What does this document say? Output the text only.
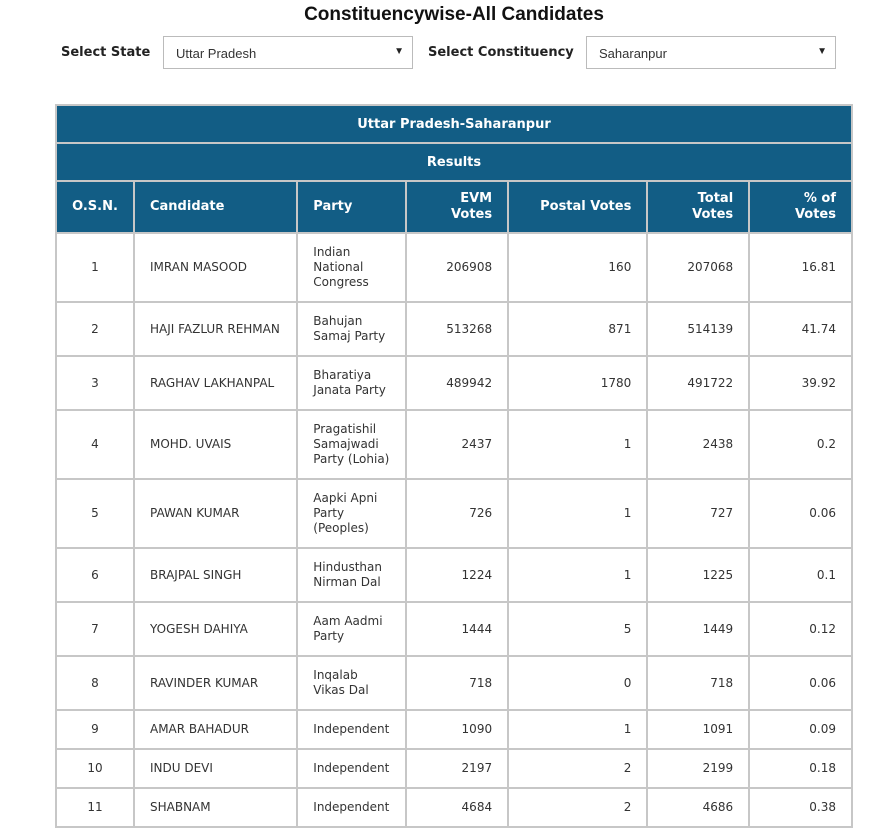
Constituencywise-All Candidates
Select State	Uttar Pradesh	▼ Select Constituency	Saharanpur	▼
Uttar Pradesh-Saharanpur						
Results						
O.S.N.	Candidate	Party	EVM Votes	Postal Votes	Total Votes	% of Votes
1	IMRAN MASOOD	Indian National Congress	206908	160	207068	16.81
2	HAJI FAZLUR REHMAN	Bahujan Samaj Party	513268	871	514139	41.74
3	RAGHAV LAKHANPAL	Bharatiya Janata Party	489942	1780	491722	39.92
4	MOHD. UVAIS	Pragatishil Samajwadi Party (Lohia)	2437	1	2438	0.2
5	PAWAN KUMAR	Aapki Apni Party (Peoples)	726	1	727	0.06
6	BRAJPAL SINGH	Hindusthan Nirman Dal	1224	1	1225	0.1
7	YOGESH DAHIYA	Aam Aadmi Party	1444	5	1449	0.12
8	RAVINDER KUMAR	Inqalab Vikas Dal	718	0	718	0.06
9	AMAR BAHADUR	Independent	1090	1	1091	0.09
10	INDU DEVI	Independent	2197	2	2199	0.18
11	SHABNAM	Independent	4684	2	4686	0.38
